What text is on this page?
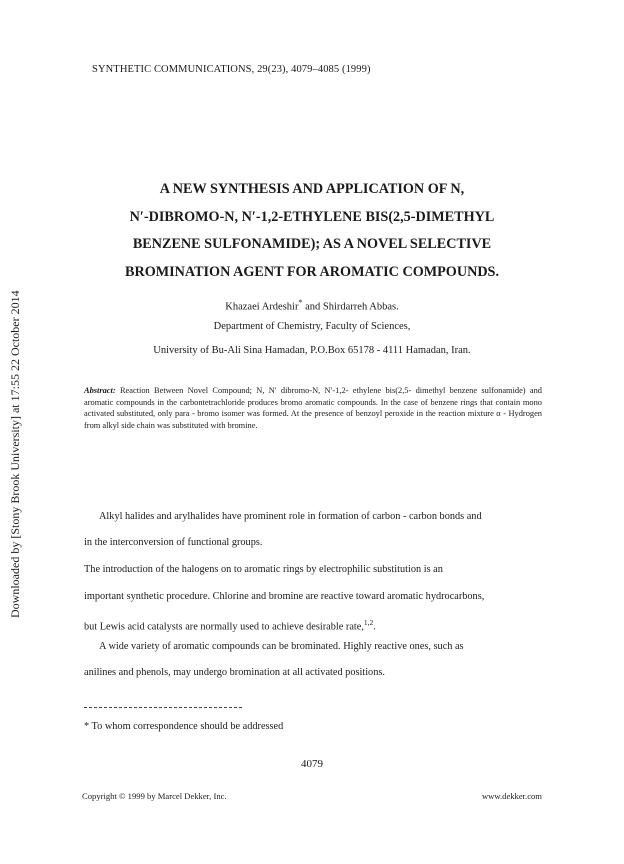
SYNTHETIC COMMUNICATIONS, 29(23), 4079–4085 (1999)
Downloaded by [Stony Brook University] at 17:55 22 October 2014
A NEW SYNTHESIS AND APPLICATION OF N,
N′-DIBROMO-N, N′-1,2-ETHYLENE BIS(2,5-DIMETHYL
BENZENE SULFONAMIDE); AS A NOVEL SELECTIVE
BROMINATION AGENT FOR AROMATIC COMPOUNDS.
Khazaei Ardeshir* and Shirdarreh Abbas.
Department of Chemistry, Faculty of Sciences,
University of Bu-Ali Sina Hamadan, P.O.Box 65178 - 4111 Hamadan, Iran.
Abstract: Reaction Between Novel Compound; N, N′ dibromo-N, N′-1,2- ethylene bis(2,5- dimethyl benzene sulfonamide) and aromatic compounds in the carbontetrachloride produces bromo aromatic compounds. In the case of benzene rings that contain mono activated substituted, only para - bromo isomer was formed. At the presence of benzoyl peroxide in the reaction mixture α - Hydrogen from alkyl side chain was substituted with bromine.
Alkyl halides and arylhalides have prominent role in formation of carbon - carbon bonds and
in the interconversion of functional groups.
The introduction of the halogens on to aromatic rings by electrophilic substitution is an
important synthetic procedure. Chlorine and bromine are reactive toward aromatic hydrocarbons,
but Lewis acid catalysts are normally used to achieve desirable rate,$^{1,2}$.
A wide variety of aromatic compounds can be brominated. Highly reactive ones, such as
anilines and phenols, may undergo bromination at all activated positions.
* To whom correspondence should be addressed
4079
Copyright © 1999 by Marcel Dekker, Inc.	www.dekker.com
